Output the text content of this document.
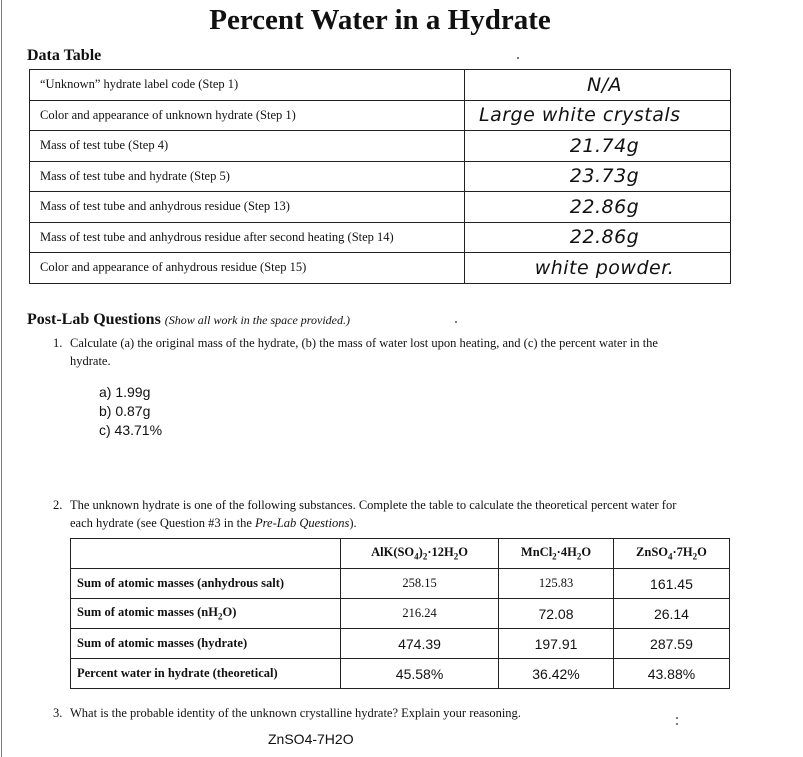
Percent Water in a Hydrate
Data Table
“Unknown” hydrate label code (Step 1)	N/A
Color and appearance of unknown hydrate (Step 1)	Large white crystals
Mass of test tube (Step 4)	21.74g
Mass of test tube and hydrate (Step 5)	23.73g
Mass of test tube and anhydrous residue (Step 13)	22.86g
Mass of test tube and anhydrous residue after second heating (Step 14)	22.86g
Color and appearance of anhydrous residue (Step 15)	white powder.
Post-Lab Questions (Show all work in the space provided.)
1. Calculate (a) the original mass of the hydrate, (b) the mass of water lost upon heating, and (c) the percent water in the
hydrate.
a) 1.99g
b) 0.87g
c) 43.71%
2. The unknown hydrate is one of the following substances. Complete the table to calculate the theoretical percent water for
each hydrate (see Question #3 in the Pre-Lab Questions).
	$AlK(SO_4)_2\cdot 12H_2O$	$MnCl_2\cdot 4H_2O$	$ZnSO_4\cdot 7H_2O$
Sum of atomic masses (anhydrous salt)	258.15	125.83	161.45
Sum of atomic masses $(nH_2O)$	216.24	72.08	26.14
Sum of atomic masses (hydrate)	474.39	197.91	287.59
Percent water in hydrate (theoretical)	45.58%	36.42%	43.88%
3. What is the probable identity of the unknown crystalline hydrate? Explain your reasoning.
ZnSO4-7H2O
